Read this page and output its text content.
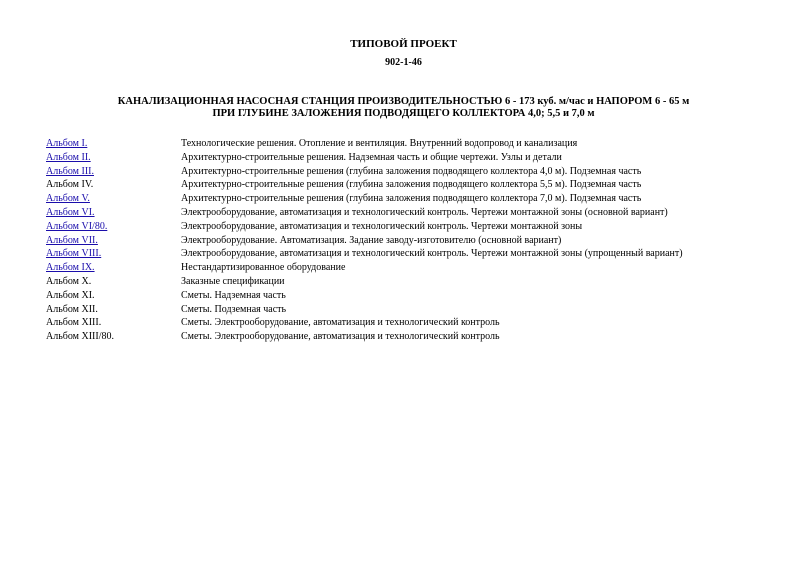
ТИПОВОЙ ПРОЕКТ
902-1-46
КАНАЛИЗАЦИОННАЯ НАСОСНАЯ СТАНЦИЯ ПРОИЗВОДИТЕЛЬНОСТЬЮ 6 - 173 куб. м/час и НАПОРОМ 6 - 65 м
ПРИ ГЛУБИНЕ ЗАЛОЖЕНИЯ ПОДВОДЯЩЕГО КОЛЛЕКТОРА 4,0; 5,5 и 7,0 м
Альбом I.	Технологические решения. Отопление и вентиляция. Внутренний водопровод и канализация
Альбом II.	Архитектурно-строительные решения. Надземная часть и общие чертежи. Узлы и детали
Альбом III.	Архитектурно-строительные решения (глубина заложения подводящего коллектора 4,0 м). Подземная часть
Альбом IV.	Архитектурно-строительные решения (глубина заложения подводящего коллектора 5,5 м). Подземная часть
Альбом V.	Архитектурно-строительные решения (глубина заложения подводящего коллектора 7,0 м). Подземная часть
Альбом VI.	Электрооборудование, автоматизация и технологический контроль. Чертежи монтажной зоны (основной вариант)
Альбом VI/80.	Электрооборудование, автоматизация и технологический контроль. Чертежи монтажной зоны
Альбом VII.	Электрооборудование. Автоматизация. Задание заводу-изготовителю (основной вариант)
Альбом VIII.	Электрооборудование, автоматизация и технологический контроль. Чертежи монтажной зоны (упрощенный вариант)
Альбом IX.	Нестандартизированное оборудование
Альбом X.	Заказные спецификации
Альбом XI.	Сметы. Надземная часть
Альбом XII.	Сметы. Подземная часть
Альбом XIII.	Сметы. Электрооборудование, автоматизация и технологический контроль
Альбом XIII/80.	Сметы. Электрооборудование, автоматизация и технологический контроль
